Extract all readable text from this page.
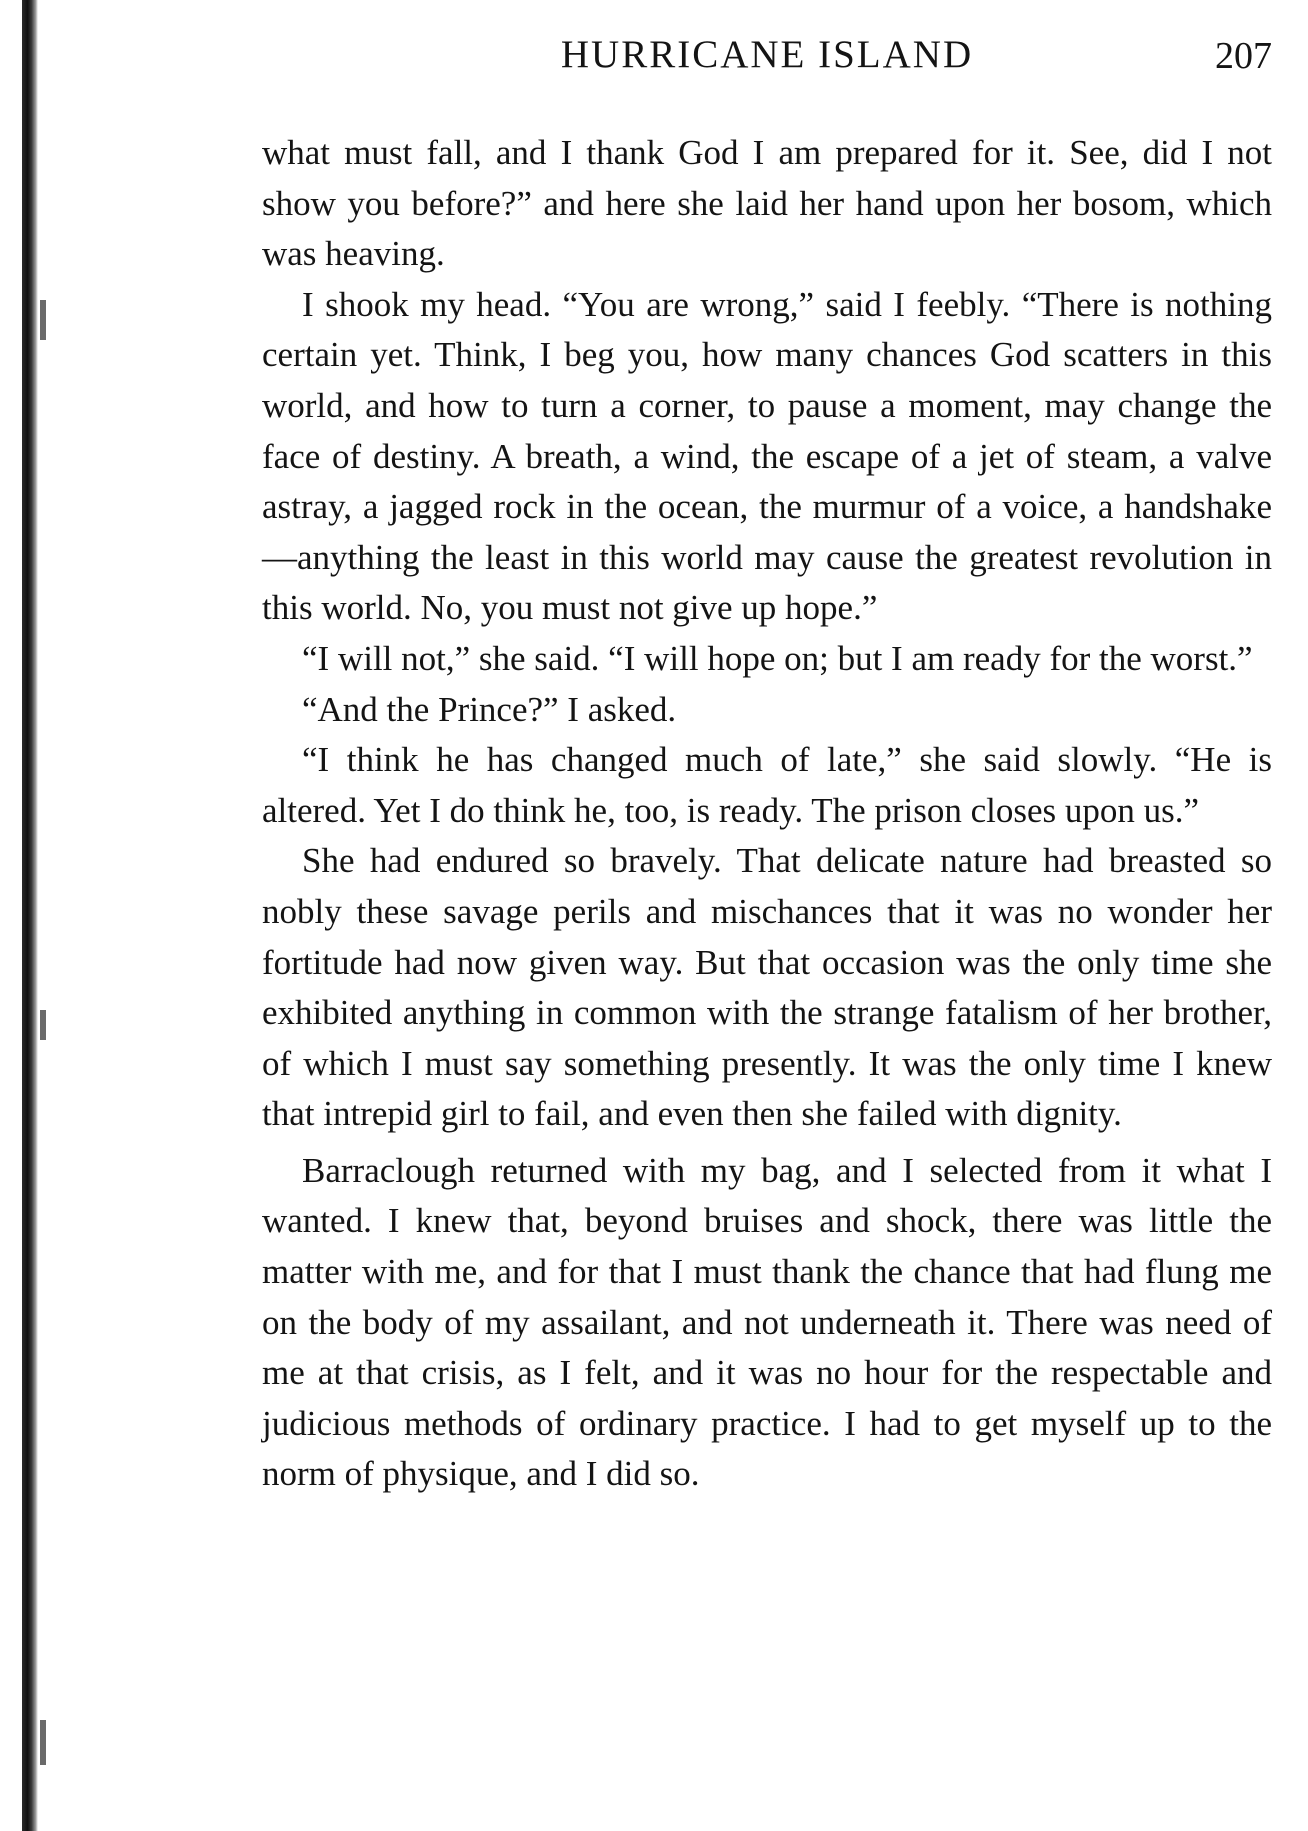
HURRICANE ISLAND	207

what must fall, and I thank God I am prepared for it. See, did I not show you before?” and here she laid her hand upon her bosom, which was heaving.

I shook my head. “You are wrong,” said I feebly. “There is nothing certain yet. Think, I beg you, how many chances God scatters in this world, and how to turn a corner, to pause a moment, may change the face of destiny. A breath, a wind, the escape of a jet of steam, a valve astray, a jagged rock in the ocean, the murmur of a voice, a handshake—anything the least in this world may cause the greatest revolution in this world. No, you must not give up hope.”

“I will not,” she said. “I will hope on; but I am ready for the worst.”

“And the Prince?” I asked.

“I think he has changed much of late,” she said slowly. “He is altered. Yet I do think he, too, is ready. The prison closes upon us.”

She had endured so bravely. That delicate nature had breasted so nobly these savage perils and mischances that it was no wonder her fortitude had now given way. But that occasion was the only time she exhibited anything in common with the strange fatalism of her brother, of which I must say something presently. It was the only time I knew that intrepid girl to fail, and even then she failed with dignity.

Barraclough returned with my bag, and I selected from it what I wanted. I knew that, beyond bruises and shock, there was little the matter with me, and for that I must thank the chance that had flung me on the body of my assailant, and not underneath it. There was need of me at that crisis, as I felt, and it was no hour for the respectable and judicious methods of ordinary practice. I had to get myself up to the norm of physique, and I did so.
